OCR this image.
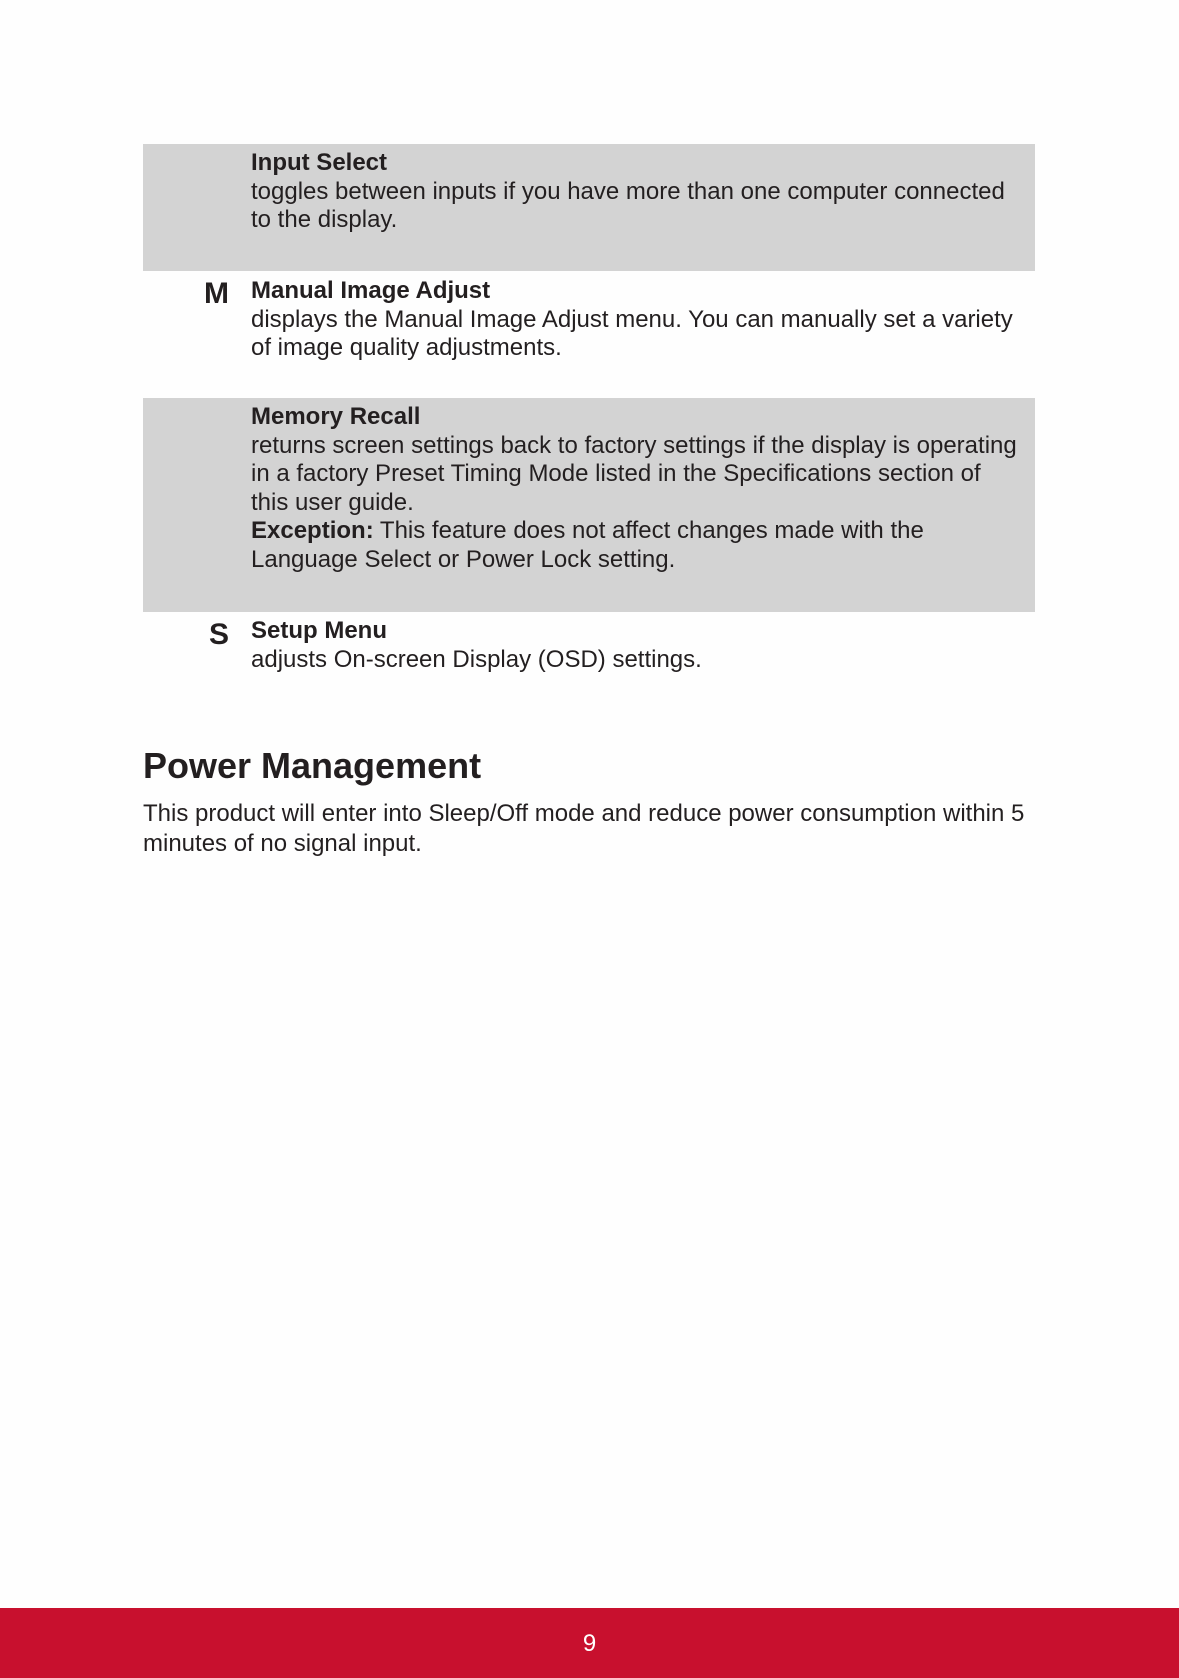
Input Select
toggles between inputs if you have more than one computer connected to the display.
M Manual Image Adjust
displays the Manual Image Adjust menu. You can manually set a variety of image quality adjustments.
Memory Recall
returns screen settings back to factory settings if the display is operating in a factory Preset Timing Mode listed in the Specifications section of this user guide.
Exception: This feature does not affect changes made with the Language Select or Power Lock setting.
S Setup Menu
adjusts On-screen Display (OSD) settings.
Power Management

This product will enter into Sleep/Off mode and reduce power consumption within 5 minutes of no signal input.

9
